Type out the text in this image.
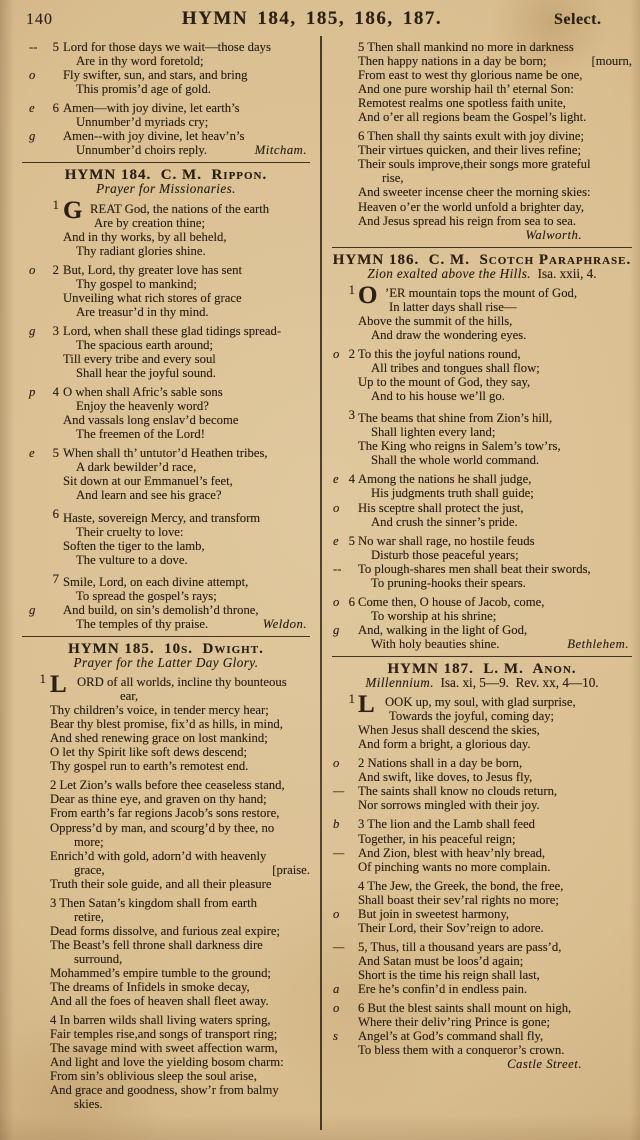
140	HYMN 184, 185, 186, 187.	Select.
-- 5 Lord for those days we wait—those days
Are in thy word foretold;
o Fly swifter, sun, and stars, and bring
This promis’d age of gold.
e 6 Amen—with joy divine, let earth’s
Unnumber’d myriads cry;
g Amen--with joy divine, let heav’n’s
Unnumber’d choirs reply.	Mitcham.
HYMN 184.  C. M.  Rippon.
Prayer for Missionaries.
G
1	REAT God, the nations of the earth
Are by creation thine;
And in thy works, by all beheld,
Thy radiant glories shine.
o 2 But, Lord, thy greater love has sent
Thy gospel to mankind;
Unveiling what rich stores of grace
Are treasur’d in thy mind.
g 3 Lord, when shall these glad tidings spread-
The spacious earth around;
Till every tribe and every soul
Shall hear the joyful sound.
p 4 O when shall Afric’s sable sons
Enjoy the heavenly word?
And vassals long enslav’d become
The freemen of the Lord!
e 5 When shall th’ untutor’d Heathen tribes,
A dark bewilder’d race,
Sit down at our Emmanuel’s feet,
And learn and see his grace?
6 Haste, sovereign Mercy, and transform
Their cruelty to love:
Soften the tiger to the lamb,
The vulture to a dove.
7 Smile, Lord, on each divine attempt,
To spread the gospel’s rays;
g And build, on sin’s demolish’d throne,
The temples of thy praise.	Weldon.
HYMN 185.  10s.  Dwight.
Prayer for the Latter Day Glory.
L
1	ORD of all worlds, incline thy bounteous
ear,
Thy children’s voice, in tender mercy hear;
Bear thy blest promise, fix’d as hills, in mind,
And shed renewing grace on lost mankind;
O let thy Spirit like soft dews descend;
Thy gospel run to earth’s remotest end.
2 Let Zion’s walls before thee ceaseless stand,
Dear as thine eye, and graven on thy hand;
From earth’s far regions Jacob’s sons restore,
Oppress’d by man, and scourg’d by thee, no
more;
Enrich’d with gold, adorn’d with heavenly
grace,	[praise.
Truth their sole guide, and all their pleasure
3 Then Satan’s kingdom shall from earth
retire,
Dead forms dissolve, and furious zeal expire;
The Beast’s fell throne shall darkness dire
surround,
Mohammed’s empire tumble to the ground;
The dreams of Infidels in smoke decay,
And all the foes of heaven shall fleet away.
4 In barren wilds shall living waters spring,
Fair temples rise,and songs of transport ring;
The savage mind with sweet affection warm,
And light and love the yielding bosom charm:
From sin’s oblivious sleep the soul arise,
And grace and goodness, show’r from balmy
skies.
5 Then shall mankind no more in darkness
Then happy nations in a day be born;	[mourn,
From east to west thy glorious name be one,
And one pure worship hail th’ eternal Son:
Remotest realms one spotless faith unite,
And o’er all regions beam the Gospel’s light.
6 Then shall thy saints exult with joy divine;
Their virtues quicken, and their lives refine;
Their souls improve,their songs more grateful
rise,
And sweeter incense cheer the morning skies:
Heaven o’er the world unfold a brighter day,
And Jesus spread his reign from sea to sea.
Walworth.
HYMN 186.  C. M.  Scotch Paraphrase.
Zion exalted above the Hills.  Isa. xxii, 4.
O
1	’ER mountain tops the mount of God,
In latter days shall rise—
Above the summit of the hills,
And draw the wondering eyes.
o 2 To this the joyful nations round,
All tribes and tongues shall flow;
Up to the mount of God, they say,
And to his house we’ll go.
3 The beams that shine from Zion’s hill,
Shall lighten every land;
The King who reigns in Salem’s tow’rs,
Shall the whole world command.
e 4 Among the nations he shall judge,
His judgments truth shall guide;
o His sceptre shall protect the just,
And crush the sinner’s pride.
e 5 No war shall rage, no hostile feuds
Disturb those peaceful years;
-- To plough-shares men shall beat their swords,
To pruning-hooks their spears.
o 6 Come then, O house of Jacob, come,
To worship at his shrine;
g And, walking in the light of God,
With holy beauties shine.	Bethlehem.
HYMN 187.  L. M.  Anon.
Millennium.  Isa. xi, 5—9.  Rev. xx, 4—10.
L
1	OOK up, my soul, with glad surprise,
Towards the joyful, coming day;
When Jesus shall descend the skies,
And form a bright, a glorious day.
o 2 Nations shall in a day be born,
And swift, like doves, to Jesus fly,
— The saints shall know no clouds return,
Nor sorrows mingled with their joy.
b 3 The lion and the Lamb shall feed
Together, in his peaceful reign;
— And Zion, blest with heav’nly bread,
Of pinching wants no more complain.
4 The Jew, the Greek, the bond, the free,
Shall boast their sev’ral rights no more;
o But join in sweetest harmony,
Their Lord, their Sov’reign to adore.
— 5, Thus, till a thousand years are pass’d,
And Satan must be loos’d again;
Short is the time his reign shall last,
a Ere he’s confin’d in endless pain.
o 6 But the blest saints shall mount on high,
Where their deliv’ring Prince is gone;
s Angel’s at God’s command shall fly,
To bless them with a conqueror’s crown.
Castle Street.
